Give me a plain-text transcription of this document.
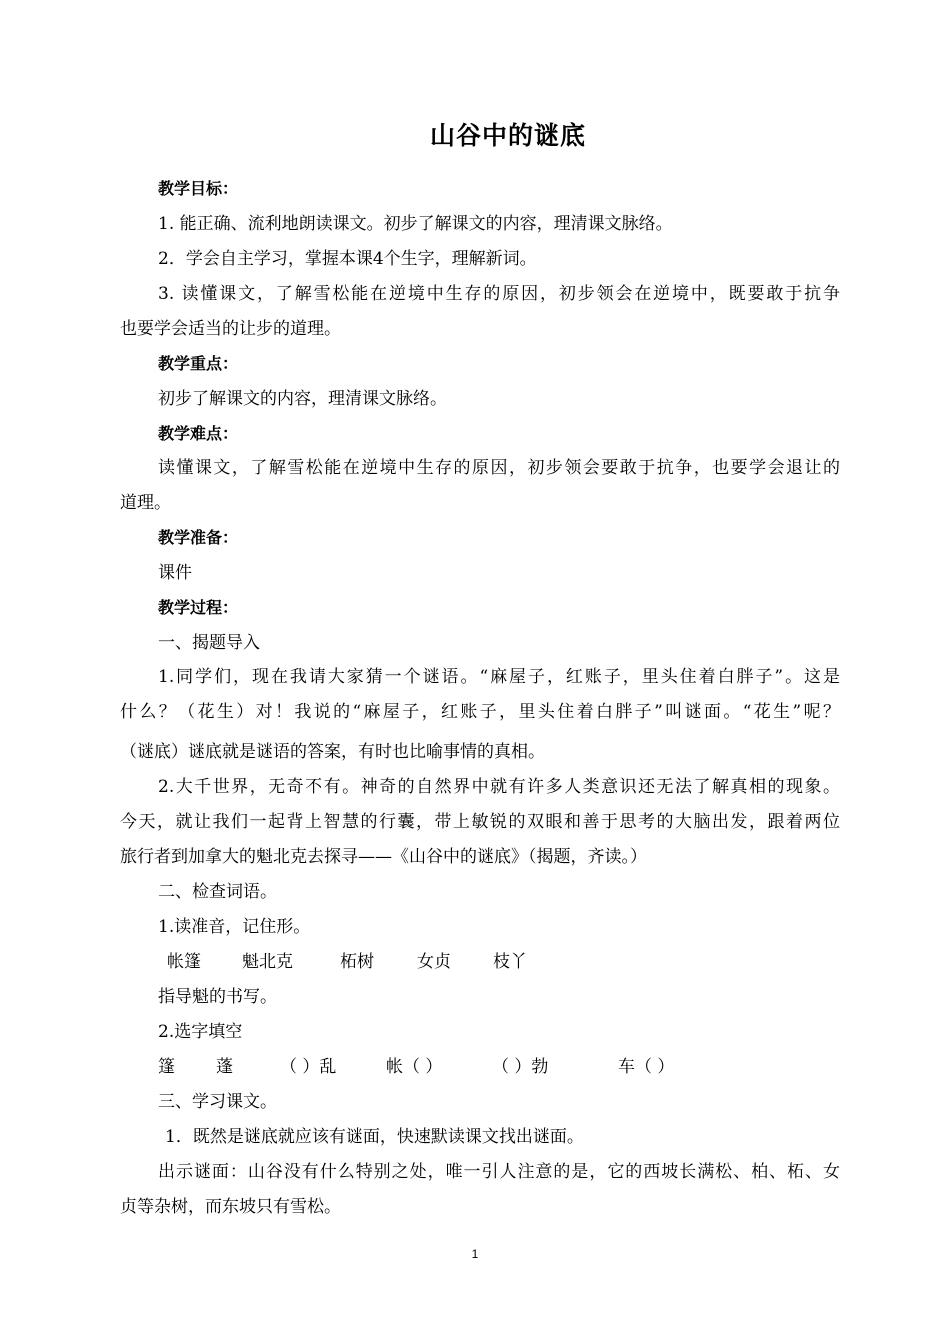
山谷中的谜底
教学目标：
1. 能正确、流利地朗读课文。初步了解课文的内容，理清课文脉络。
2．学会自主学习，掌握本课4个生字，理解新词。
3. 读懂课文，了解雪松能在逆境中生存的原因，初步领会在逆境中，既要敢于抗争
也要学会适当的让步的道理。
教学重点：
初步了解课文的内容，理清课文脉络。
教学难点：
读懂课文，了解雪松能在逆境中生存的原因，初步领会要敢于抗争，也要学会退让的
道理。
教学准备：
课件
教学过程：
一、揭题导入
1.同学们，现在我请大家猜一个谜语。“麻屋子，红账子，里头住着白胖子”。这是
什么？（花生）对！我说的“麻屋子，红账子，里头住着白胖子”叫谜面。“花生”呢？
（谜底）谜底就是谜语的答案，有时也比喻事情的真相。
2.大千世界，无奇不有。神奇的自然界中就有许多人类意识还无法了解真相的现象。
今天，就让我们一起背上智慧的行囊，带上敏锐的双眼和善于思考的大脑出发，跟着两位
旅行者到加拿大的魁北克去探寻——《山谷中的谜底》（揭题，齐读。）
二、检查词语。
1.读准音，记住形。
帐篷 魁北克	柘树	女贞 枝丫
指导魁的书写。
2.选字填空
篷 蓬	（ ）乱	帐（ ）	（ ）勃	车（ ）
三、学习课文。
1．既然是谜底就应该有谜面，快速默读课文找出谜面。
出示谜面：山谷没有什么特别之处，唯一引人注意的是，它的西坡长满松、柏、柘、女
贞等杂树，而东坡只有雪松。
1
